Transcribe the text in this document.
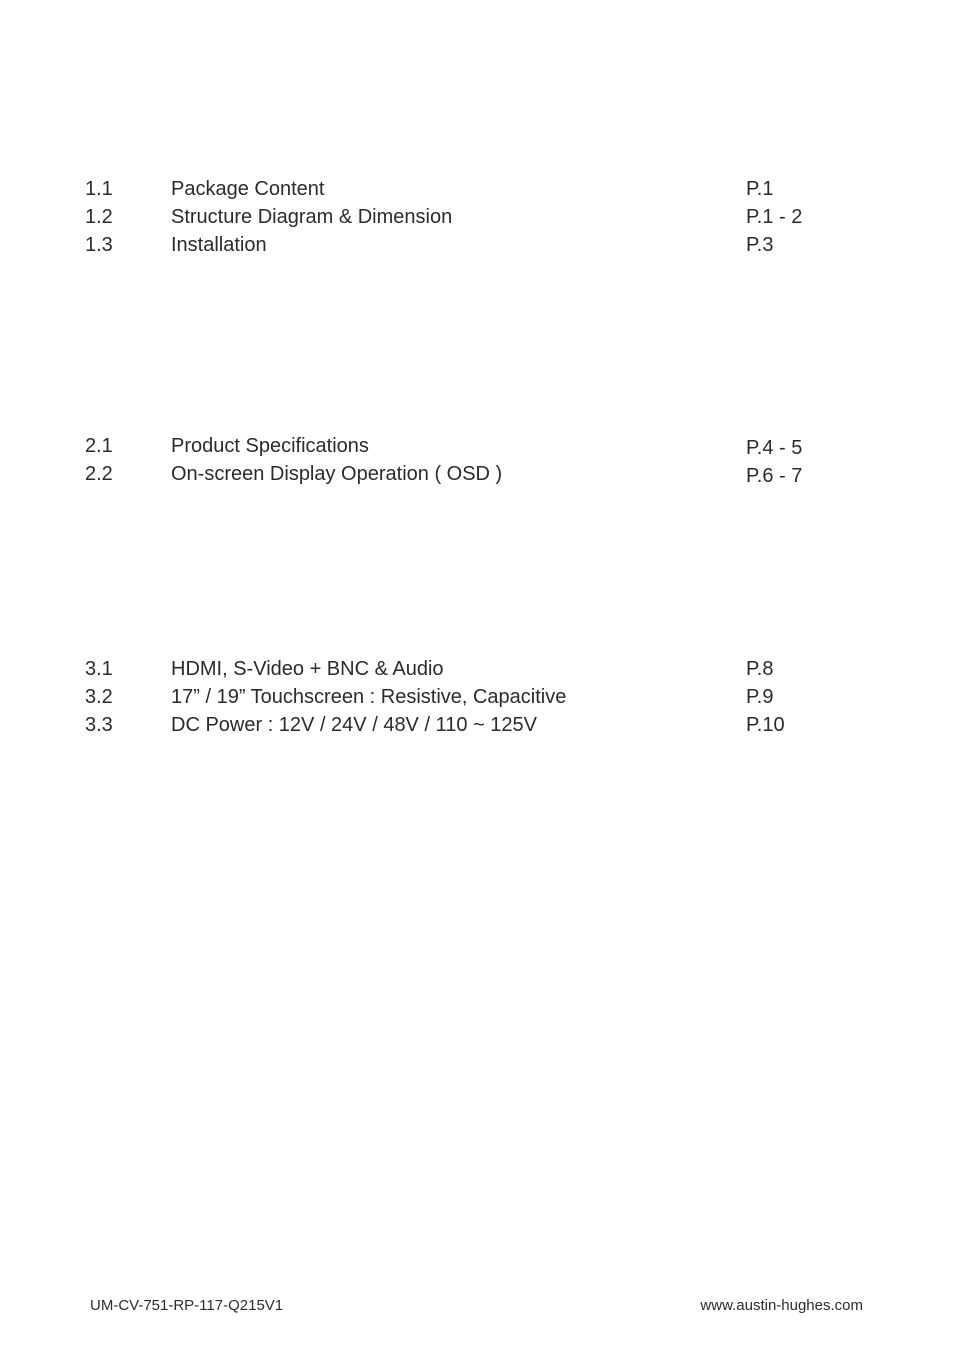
1.1	Package Content	P.1
1.2	Structure Diagram & Dimension	P.1 - 2
1.3	Installation	P.3
2.1	Product Specifications	P.4 - 5
2.2	On-screen Display Operation ( OSD )	P.6 - 7
3.1	HDMI, S-Video + BNC & Audio	P.8
3.2	17” / 19” Touchscreen : Resistive, Capacitive	P.9
3.3	DC Power : 12V / 24V / 48V / 110 ~ 125V	P.10
UM-CV-751-RP-117-Q215V1	www.austin-hughes.com
